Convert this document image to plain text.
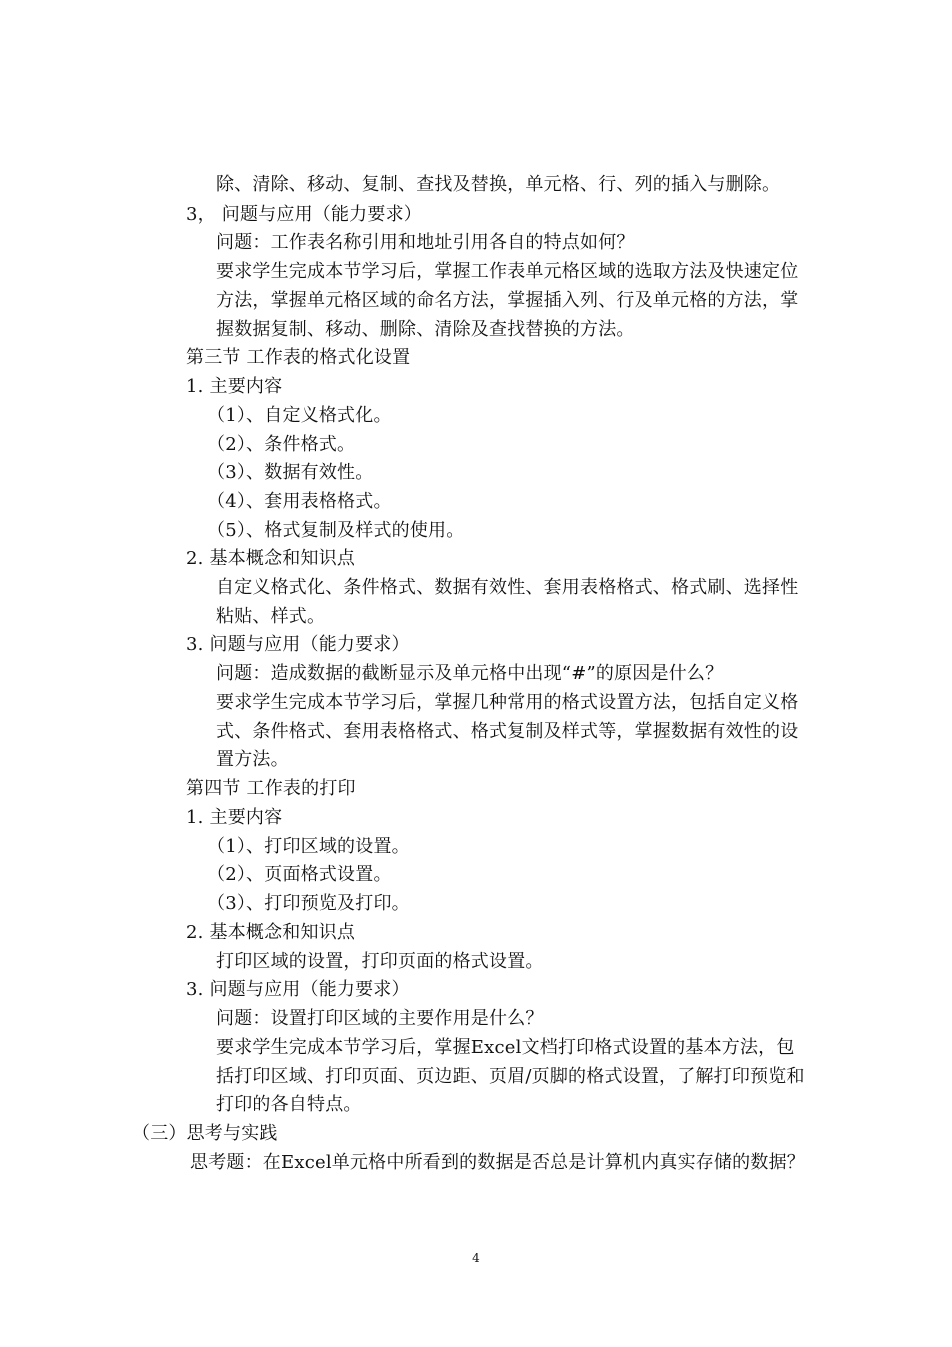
除、清除、移动、复制、查找及替换，单元格、行、列的插入与删除。
3， 问题与应用（能力要求）
问题：工作表名称引用和地址引用各自的特点如何？
要求学生完成本节学习后，掌握工作表单元格区域的选取方法及快速定位
方法，掌握单元格区域的命名方法，掌握插入列、行及单元格的方法，掌
握数据复制、移动、删除、清除及查找替换的方法。
第三节 工作表的格式化设置
1. 主要内容
（1）、自定义格式化。
（2）、条件格式。
（3）、数据有效性。
（4）、套用表格格式。
（5）、格式复制及样式的使用。
2. 基本概念和知识点
自定义格式化、条件格式、数据有效性、套用表格格式、格式刷、选择性
粘贴、样式。
3. 问题与应用（能力要求）
问题：造成数据的截断显示及单元格中出现“#”的原因是什么？
要求学生完成本节学习后，掌握几种常用的格式设置方法，包括自定义格
式、条件格式、套用表格格式、格式复制及样式等，掌握数据有效性的设
置方法。
第四节 工作表的打印
1. 主要内容
（1）、打印区域的设置。
（2）、页面格式设置。
（3）、打印预览及打印。
2. 基本概念和知识点
打印区域的设置，打印页面的格式设置。
3. 问题与应用（能力要求）
问题：设置打印区域的主要作用是什么？
要求学生完成本节学习后，掌握Excel文档打印格式设置的基本方法，包
括打印区域、打印页面、页边距、页眉/页脚的格式设置，了解打印预览和
打印的各自特点。
（三）思考与实践
思考题：在Excel单元格中所看到的数据是否总是计算机内真实存储的数据？
4
